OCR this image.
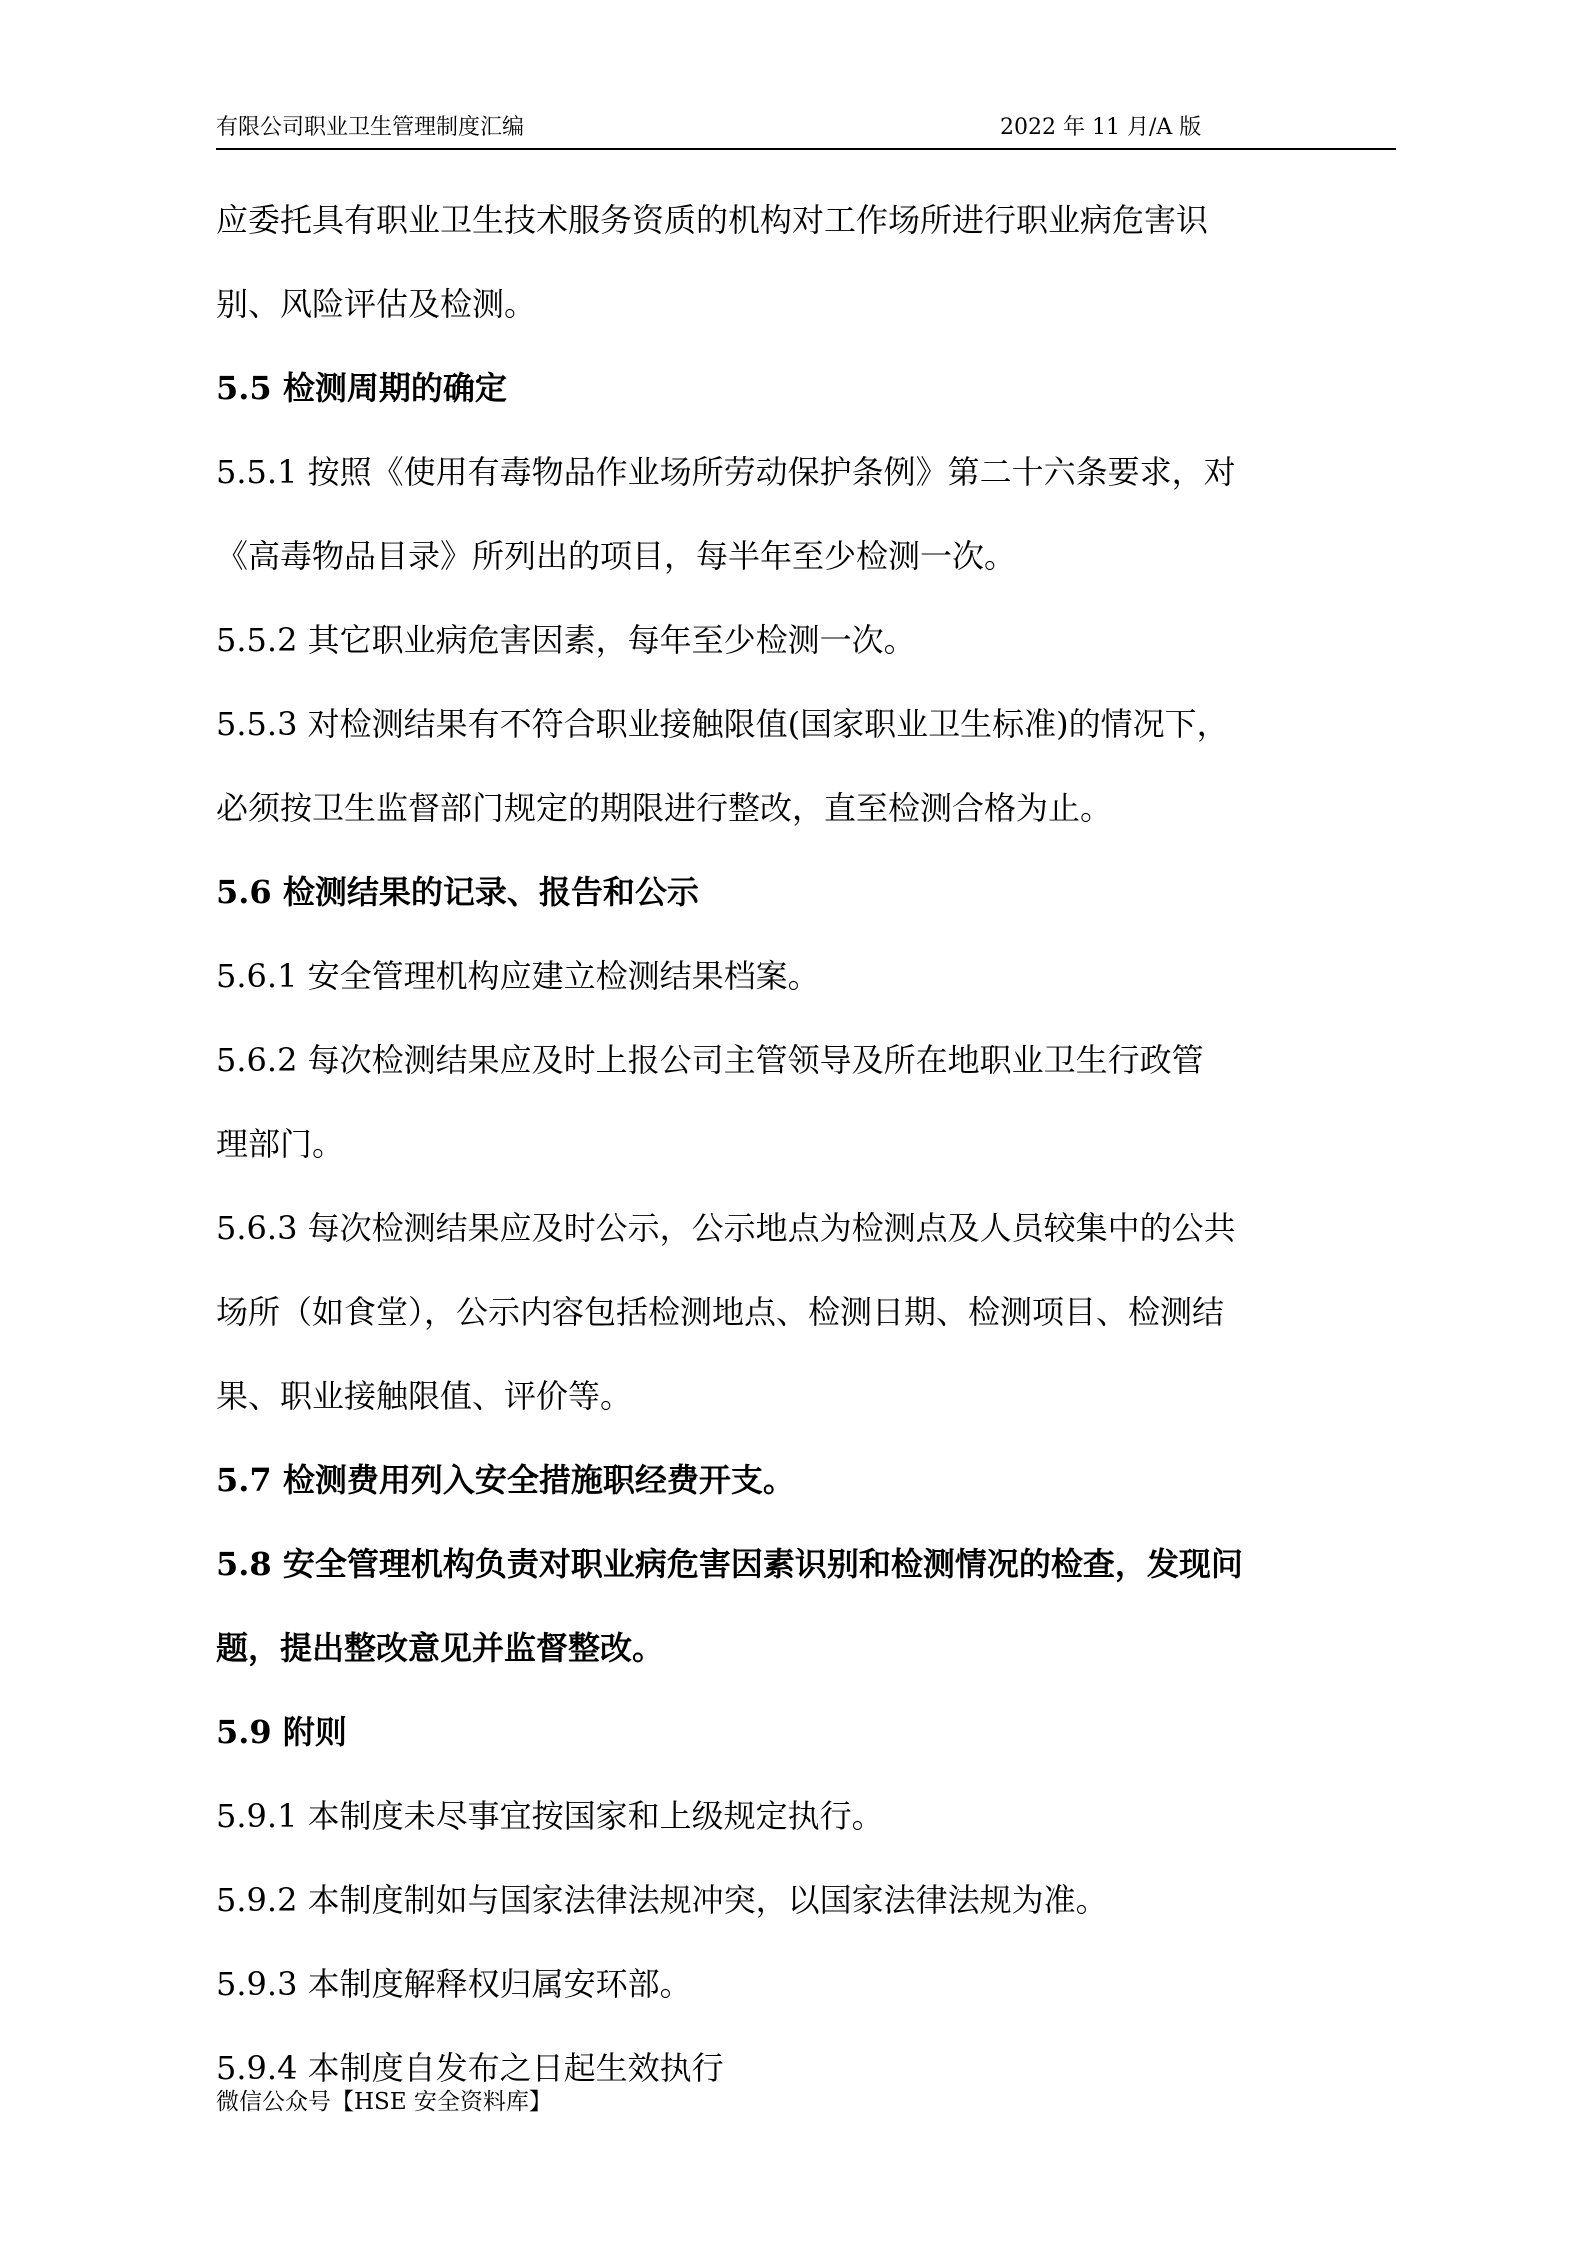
有限公司职业卫生管理制度汇编	2022 年 11 月/A 版
应委托具有职业卫生技术服务资质的机构对工作场所进行职业病危害识
别、风险评估及检测。
5.5 检测周期的确定
5.5.1 按照《使用有毒物品作业场所劳动保护条例》第二十六条要求，对
《高毒物品目录》所列出的项目，每半年至少检测一次。
5.5.2 其它职业病危害因素，每年至少检测一次。
5.5.3 对检测结果有不符合职业接触限值(国家职业卫生标准)的情况下，
必须按卫生监督部门规定的期限进行整改，直至检测合格为止。
5.6 检测结果的记录、报告和公示
5.6.1 安全管理机构应建立检测结果档案。
5.6.2 每次检测结果应及时上报公司主管领导及所在地职业卫生行政管
理部门。
5.6.3 每次检测结果应及时公示，公示地点为检测点及人员较集中的公共
场所（如食堂），公示内容包括检测地点、检测日期、检测项目、检测结
果、职业接触限值、评价等。
5.7 检测费用列入安全措施职经费开支。
5.8 安全管理机构负责对职业病危害因素识别和检测情况的检查，发现问
题，提出整改意见并监督整改。
5.9 附则
5.9.1 本制度未尽事宜按国家和上级规定执行。
5.9.2 本制度制如与国家法律法规冲突，以国家法律法规为准。
5.9.3 本制度解释权归属安环部。
5.9.4 本制度自发布之日起生效执行
微信公众号【HSE 安全资料库】
